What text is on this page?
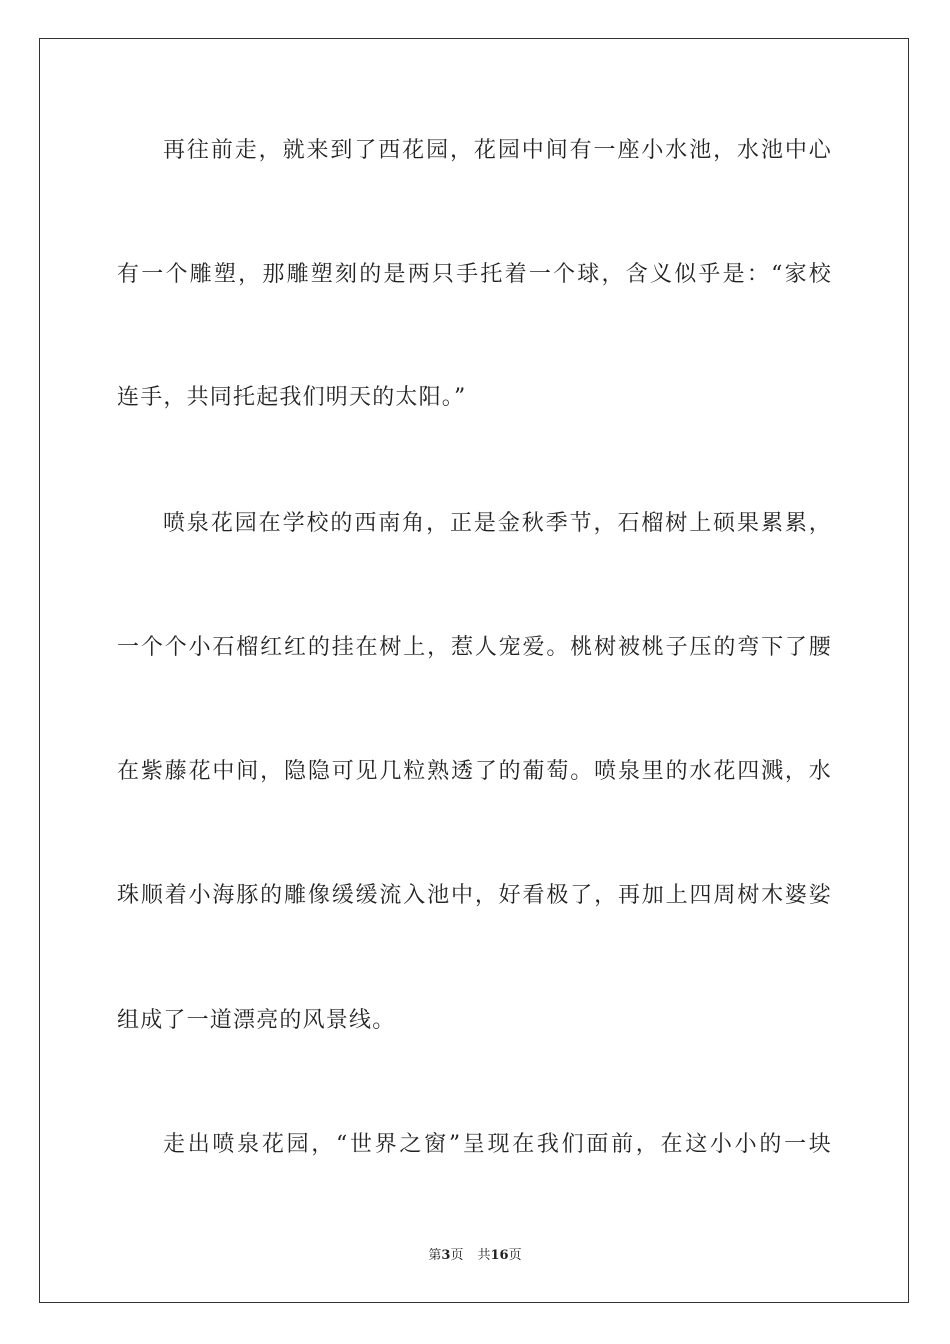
再往前走，就来到了西花园，花园中间有一座小水池，水池中心

有一个雕塑，那雕塑刻的是两只手托着一个球，含义似乎是：“家校

连手，共同托起我们明天的太阳。”

喷泉花园在学校的西南角，正是金秋季节，石榴树上硕果累累，

一个个小石榴红红的挂在树上，惹人宠爱。桃树被桃子压的弯下了腰

在紫藤花中间，隐隐可见几粒熟透了的葡萄。喷泉里的水花四溅，水

珠顺着小海豚的雕像缓缓流入池中，好看极了，再加上四周树木婆娑

组成了一道漂亮的风景线。

走出喷泉花园，“世界之窗”呈现在我们面前，在这小小的一块

第3页 共16页
